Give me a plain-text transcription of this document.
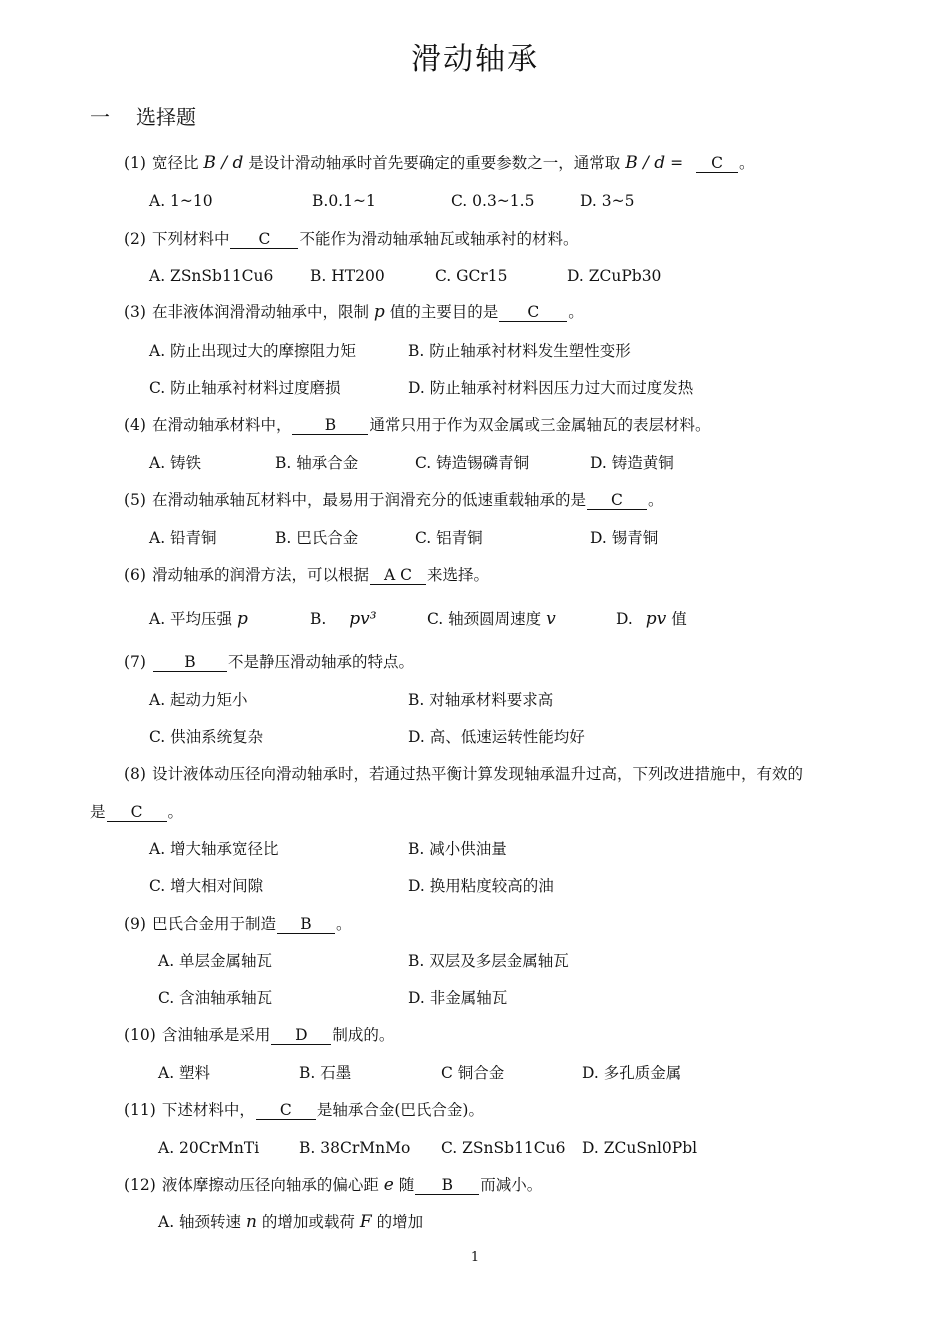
滑动轴承
一 选择题
(1) 宽径比 B / d 是设计滑动轴承时首先要确定的重要参数之一，通常取 B / d = C 。
A. 1~10	B.0.1~1	C. 0.3~1.5	D. 3~5
(2) 下列材料中 C 不能作为滑动轴承轴瓦或轴承衬的材料。
A. ZSnSb11Cu6 B. HT200	C. GCr15	D. ZCuPb30
(3) 在非液体润滑滑动轴承中，限制 p 值的主要目的是 C 。
A. 防止出现过大的摩擦阻力矩	B. 防止轴承衬材料发生塑性变形
C. 防止轴承衬材料过度磨损	D. 防止轴承衬材料因压力过大而过度发热
(4) 在滑动轴承材料中， B 通常只用于作为双金属或三金属轴瓦的表层材料。
A. 铸铁	B. 轴承合金	C. 铸造锡磷青铜	D. 铸造黄铜
(5) 在滑动轴承轴瓦材料中，最易用于润滑充分的低速重载轴承的是 C 。
A. 铅青铜	B. 巴氏合金	C. 铝青铜	D. 锡青铜
(6) 滑动轴承的润滑方法，可以根据 A C 来选择。
A. 平均压强 p	B. pv³	C. 轴颈圆周速度 v	D. pv 值
(7) B 不是静压滑动轴承的特点。
A. 起动力矩小	B. 对轴承材料要求高
C. 供油系统复杂	D. 高、低速运转性能均好
(8) 设计液体动压径向滑动轴承时，若通过热平衡计算发现轴承温升过高，下列改进措施中，有效的
是 C 。
A. 增大轴承宽径比	B. 减小供油量
C. 增大相对间隙	D. 换用粘度较高的油
(9) 巴氏合金用于制造 B 。
A. 单层金属轴瓦	B. 双层及多层金属轴瓦
C. 含油轴承轴瓦	D. 非金属轴瓦
(10) 含油轴承是采用 D 制成的。
A. 塑料	B. 石墨	C 铜合金	D. 多孔质金属
(11) 下述材料中， C 是轴承合金(巴氏合金)。
A. 20CrMnTi	B. 38CrMnMo C. ZSnSb11Cu6 D. ZCuSnl0Pbl
(12) 液体摩擦动压径向轴承的偏心距 e 随 B 而减小。
A. 轴颈转速 n 的增加或载荷 F 的增加
1
